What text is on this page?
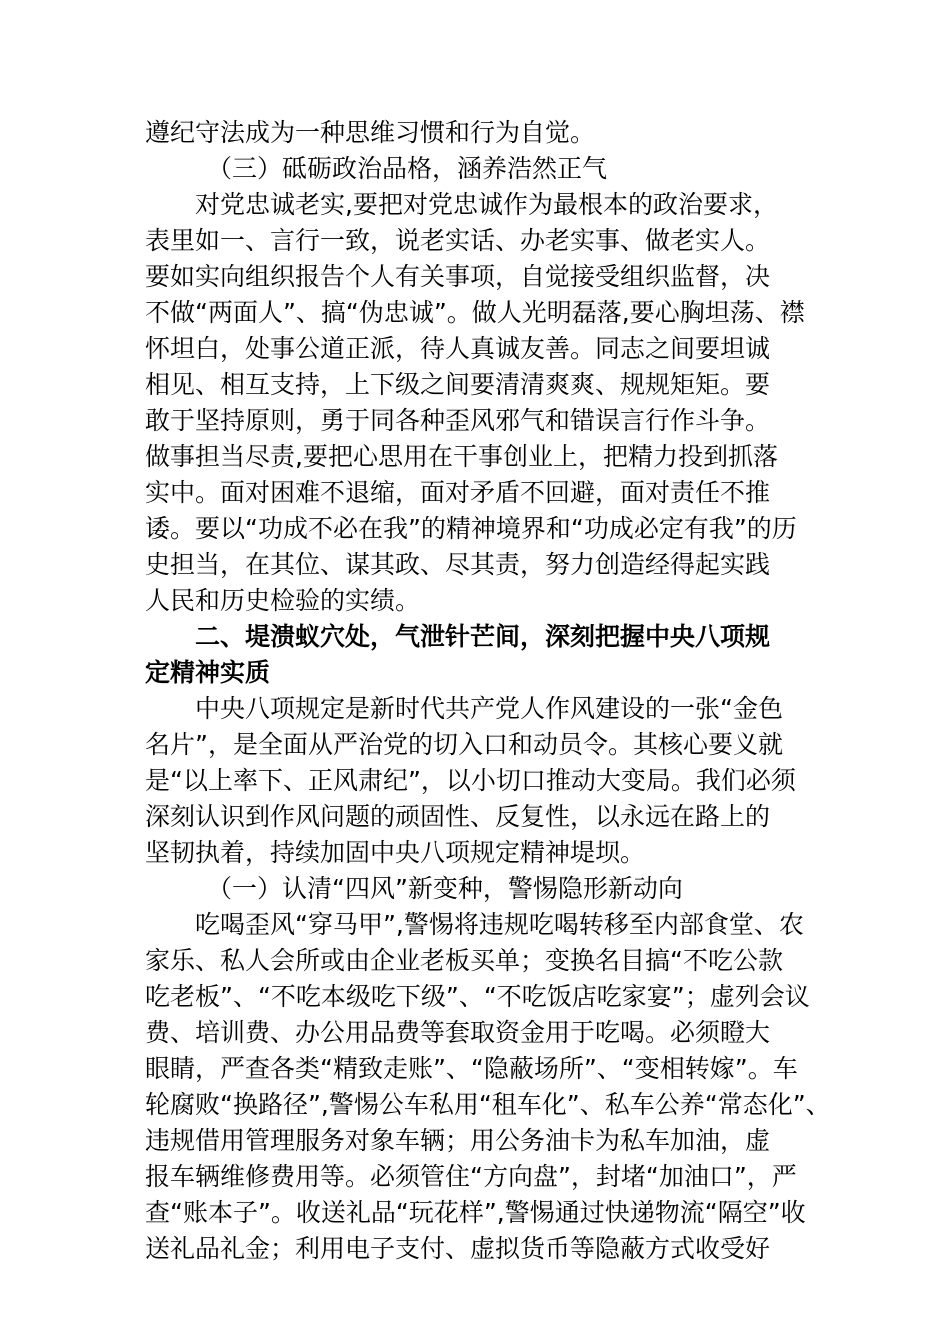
遵纪守法成为一种思维习惯和行为自觉。
（三）砥砺政治品格，涵养浩然正气
对党忠诚老实,要把对党忠诚作为最根本的政治要求，
表里如一、言行一致，说老实话、办老实事、做老实人。
要如实向组织报告个人有关事项，自觉接受组织监督，决
不做“两面人”、搞“伪忠诚”。做人光明磊落,要心胸坦荡、襟
怀坦白，处事公道正派，待人真诚友善。同志之间要坦诚
相见、相互支持，上下级之间要清清爽爽、规规矩矩。要
敢于坚持原则，勇于同各种歪风邪气和错误言行作斗争。
做事担当尽责,要把心思用在干事创业上，把精力投到抓落
实中。面对困难不退缩，面对矛盾不回避，面对责任不推
诿。要以“功成不必在我”的精神境界和“功成必定有我”的历
史担当，在其位、谋其政、尽其责，努力创造经得起实践
人民和历史检验的实绩。
二、堤溃蚁穴处，气泄针芒间，深刻把握中央八项规
定精神实质
中央八项规定是新时代共产党人作风建设的一张“金色
名片”，是全面从严治党的切入口和动员令。其核心要义就
是“以上率下、正风肃纪”，以小切口推动大变局。我们必须
深刻认识到作风问题的顽固性、反复性，以永远在路上的
坚韧执着，持续加固中央八项规定精神堤坝。
（一）认清“四风”新变种，警惕隐形新动向
吃喝歪风“穿马甲”,警惕将违规吃喝转移至内部食堂、农
家乐、私人会所或由企业老板买单；变换名目搞“不吃公款
吃老板”、“不吃本级吃下级”、“不吃饭店吃家宴”；虚列会议
费、培训费、办公用品费等套取资金用于吃喝。必须瞪大
眼睛，严查各类“精致走账”、“隐蔽场所”、“变相转嫁”。车
轮腐败“换路径”,警惕公车私用“租车化”、私车公养“常态化”、
违规借用管理服务对象车辆；用公务油卡为私车加油，虚
报车辆维修费用等。必须管住“方向盘”，封堵“加油口”，严
查“账本子”。收送礼品“玩花样”,警惕通过快递物流“隔空”收
送礼品礼金；利用电子支付、虚拟货币等隐蔽方式收受好
